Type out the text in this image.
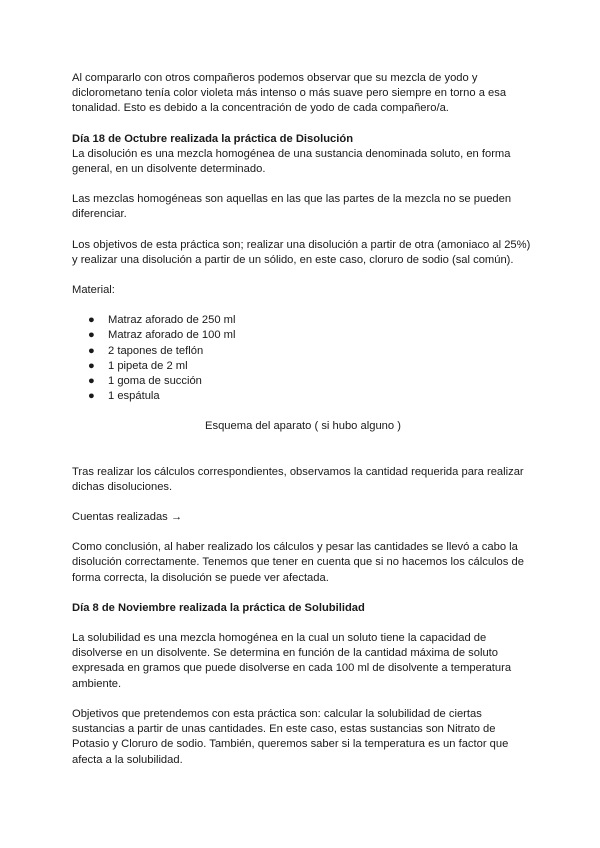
Al compararlo con otros compañeros podemos observar que su mezcla de yodo y diclorometano tenía color violeta más intenso o más suave pero siempre en torno a esa tonalidad. Esto es debido a la concentración de yodo de cada compañero/a.

Día 18 de Octubre realizada la práctica de Disolución

La disolución es una mezcla homogénea de una sustancia denominada soluto, en forma general, en un disolvente determinado.

Las mezclas homogéneas son aquellas en las que las partes de la mezcla no se pueden diferenciar.

Los objetivos de esta práctica son; realizar una disolución a partir de otra (amoniaco al 25%) y realizar una disolución a partir de un sólido, en este caso, cloruro de sodio (sal común).

Material:

● Matraz aforado de 250 ml
● Matraz aforado de 100 ml
● 2 tapones de teflón
● 1 pipeta de 2 ml
● 1 goma de succión
● 1 espátula

Esquema del aparato ( si hubo alguno )

Tras realizar los cálculos correspondientes, observamos la cantidad requerida para realizar dichas disoluciones.

Cuentas realizadas →

Como conclusión, al haber realizado los cálculos y pesar las cantidades se llevó a cabo la disolución correctamente. Tenemos que tener en cuenta que si no hacemos los cálculos de forma correcta, la disolución se puede ver afectada.

Día 8 de Noviembre realizada la práctica de Solubilidad

La solubilidad es una mezcla homogénea en la cual un soluto tiene la capacidad de disolverse en un disolvente. Se determina en función de la cantidad máxima de soluto expresada en gramos que puede disolverse en cada 100 ml de disolvente a temperatura ambiente.

Objetivos que pretendemos con esta práctica son: calcular la solubilidad de ciertas sustancias a partir de unas cantidades. En este caso, estas sustancias son Nitrato de Potasio y Cloruro de sodio. También, queremos saber si la temperatura es un factor que afecta a la solubilidad.
